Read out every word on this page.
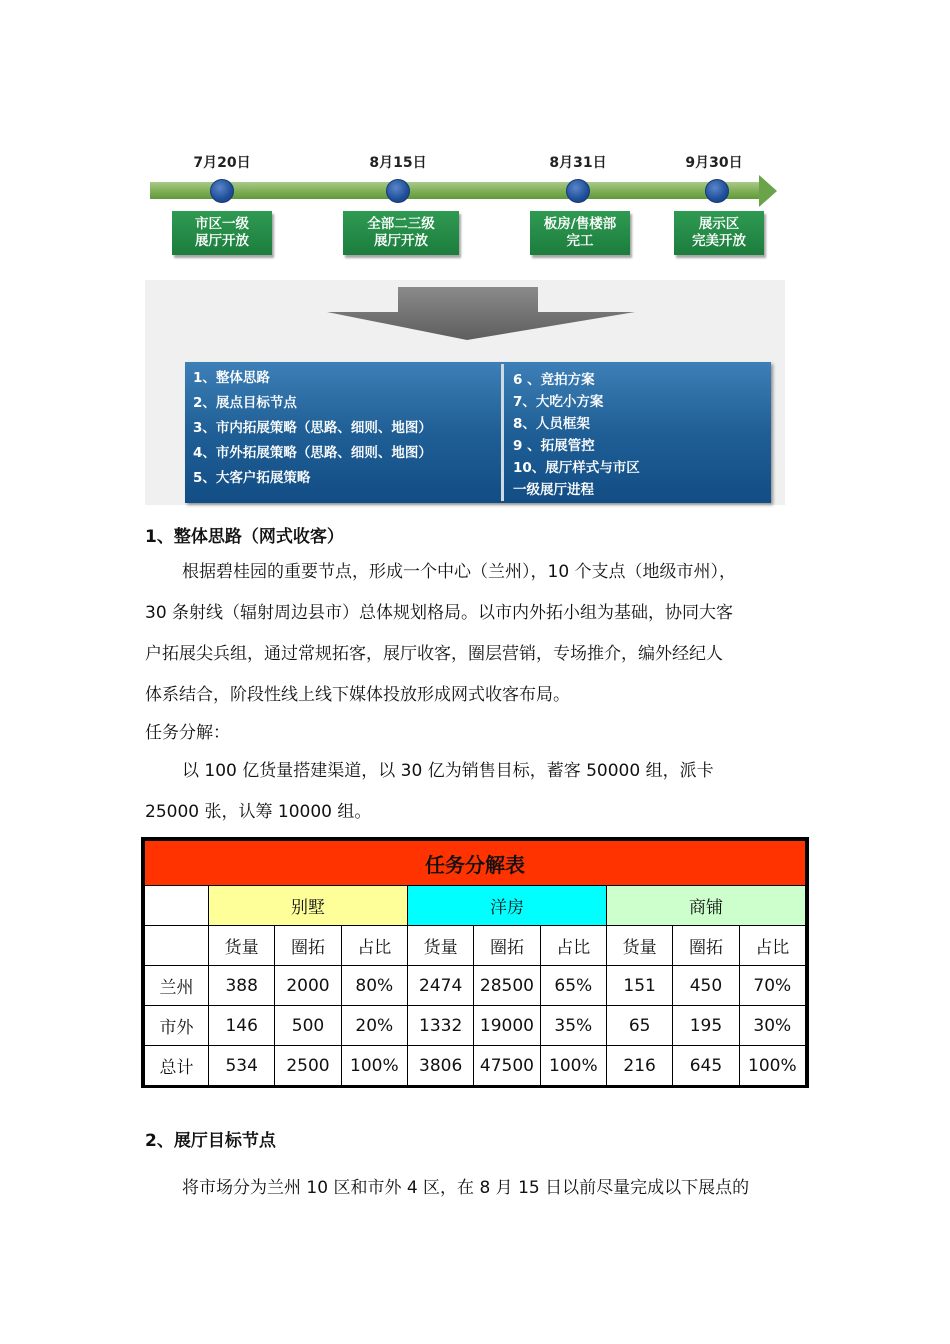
7月20日	8月15日	8月31日	9月30日
市区一级
展厅开放
全部二三级
展厅开放
板房/售楼部
完工
展示区
完美开放
1、整体思路
2、展点目标节点
3、市内拓展策略（思路、细则、地图）
4、市外拓展策略（思路、细则、地图）
5、大客户拓展策略
6 、竞拍方案
7、大吃小方案
8、人员框架
9 、拓展管控
10、展厅样式与市区
一级展厅进程
1、整体思路（网式收客）
根据碧桂园的重要节点，形成一个中心（兰州），10 个支点（地级市州），
30 条射线（辐射周边县市）总体规划格局。以市内外拓小组为基础，协同大客
户拓展尖兵组，通过常规拓客，展厅收客，圈层营销，专场推介，编外经纪人
体系结合，阶段性线上线下媒体投放形成网式收客布局。
任务分解：
以 100 亿货量搭建渠道，以 30 亿为销售目标，蓄客 50000 组，派卡
25000 张，认筹 10000 组。
任务分解表									
	别墅			洋房			商铺		
	货量	圈拓	占比	货量	圈拓	占比	货量	圈拓	占比
兰州	388	2000	80%	2474	28500	65%	151	450	70%
市外	146	500	20%	1332	19000	35%	65	195	30%
总计	534	2500	100%	3806	47500	100%	216	645	100%
2、展厅目标节点
将市场分为兰州 10 区和市外 4 区，在 8 月 15 日以前尽量完成以下展点的
